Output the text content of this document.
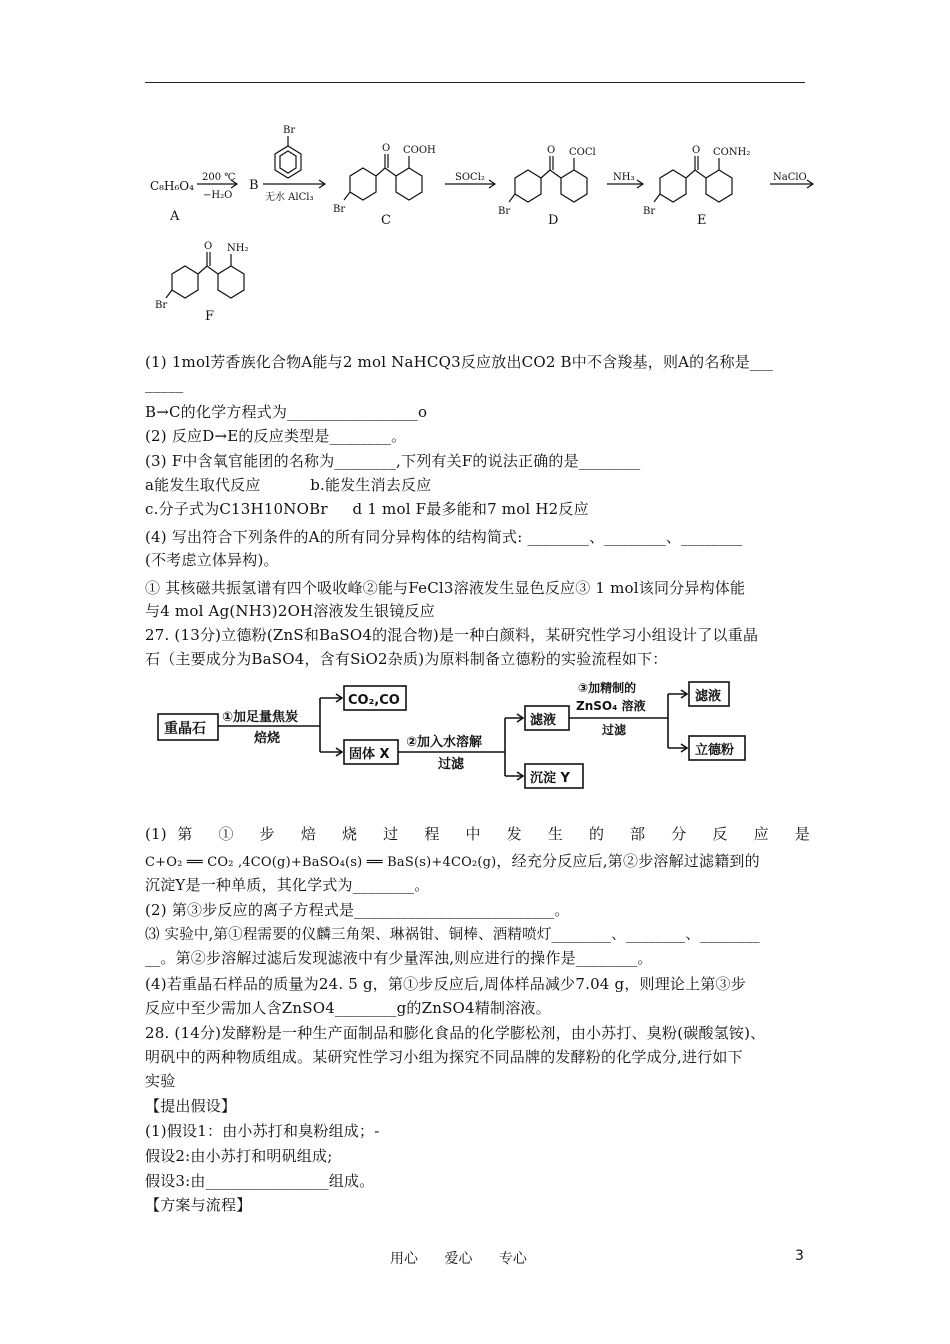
C₈H₆O₄
A
200 ℃
−H₂O
B
无水 AlCl₃
Br
Br
O COOH
C
SOCl₂
Br
O COCl
D
NH₃
Br
O CONH₂
E
NaClO
Br
O NH₂
F
(1) 1mol芳香族化合物A能与2 mol NaHCQ3反应放出CO2 B中不含羧基，则A的名称是___
_____
B→C的化学方程式为_________________o
(2) 反应D→E的反应类型是________。
(3) F中含氧官能团的名称为________,下列有关F的说法正确的是________
a能发生取代反应          b.能发生消去反应
c.分子式为C13H10NOBr     d 1 mol F最多能和7 mol H2反应
(4) 写出符合下列条件的A的所有同分异构体的结构简式: ________、________、________
(不考虑立体异构)。
① 其核磁共振氢谱有四个吸收峰②能与FeCl3溶液发生显色反应③ 1 mol该同分异构体能
与4 mol Ag(NH3)2OH溶液发生银镜反应
27. (13分)立德粉(ZnS和BaSO4的混合物)是一种白颜料，某研究性学习小组设计了以重晶
石（主要成分为BaSO4，含有SiO2杂质)为原料制备立德粉的实验流程如下：
重晶石
①加足量焦炭
焙烧
CO₂,CO
固体 X
②加入水溶解
过滤
滤液
沉淀 Y
③加精制的
ZnSO₄ 溶液
过滤
滤液
立德粉
(1)第 ① 步 焙 烧 过 程 中 发 生 的 部 分 反 应 是
C+O₂ ══ CO₂ ,4CO(g)+BaSO₄(s) ══ BaS(s)+4CO₂(g)，经充分反应后,第②步溶解过滤籍到的
沉淀Y是一种单质，其化学式为________。
(2) 第③步反应的离子方程式是__________________________。
⑶ 实验中,第①程需要的仪麟三角架、琳祸钳、铜棒、酒精喷灯________、________、________
__。第②步溶解过滤后发现滤液中有少量浑浊,则应进行的操作是________。
(4)若重晶石样品的质量为24. 5 g，第①步反应后,周体样品减少7.04 g，则理论上第③步
反应中至少需加人含ZnSO4________g的ZnSO4精制溶液。
28. (14分)发酵粉是一种生产面制品和膨化食品的化学膨松剂，由小苏打、臭粉(碳酸氢铵)、
明矾中的两种物质组成。某研究性学习小组为探究不同品牌的发酵粉的化学成分,进行如下
实验
【提出假设】
(1)假设1：由小苏打和臭粉组成；-
假设2:由小苏打和明矾组成;
假设3:由________________组成。
【方案与流程】
用心 爱心 专心	3
